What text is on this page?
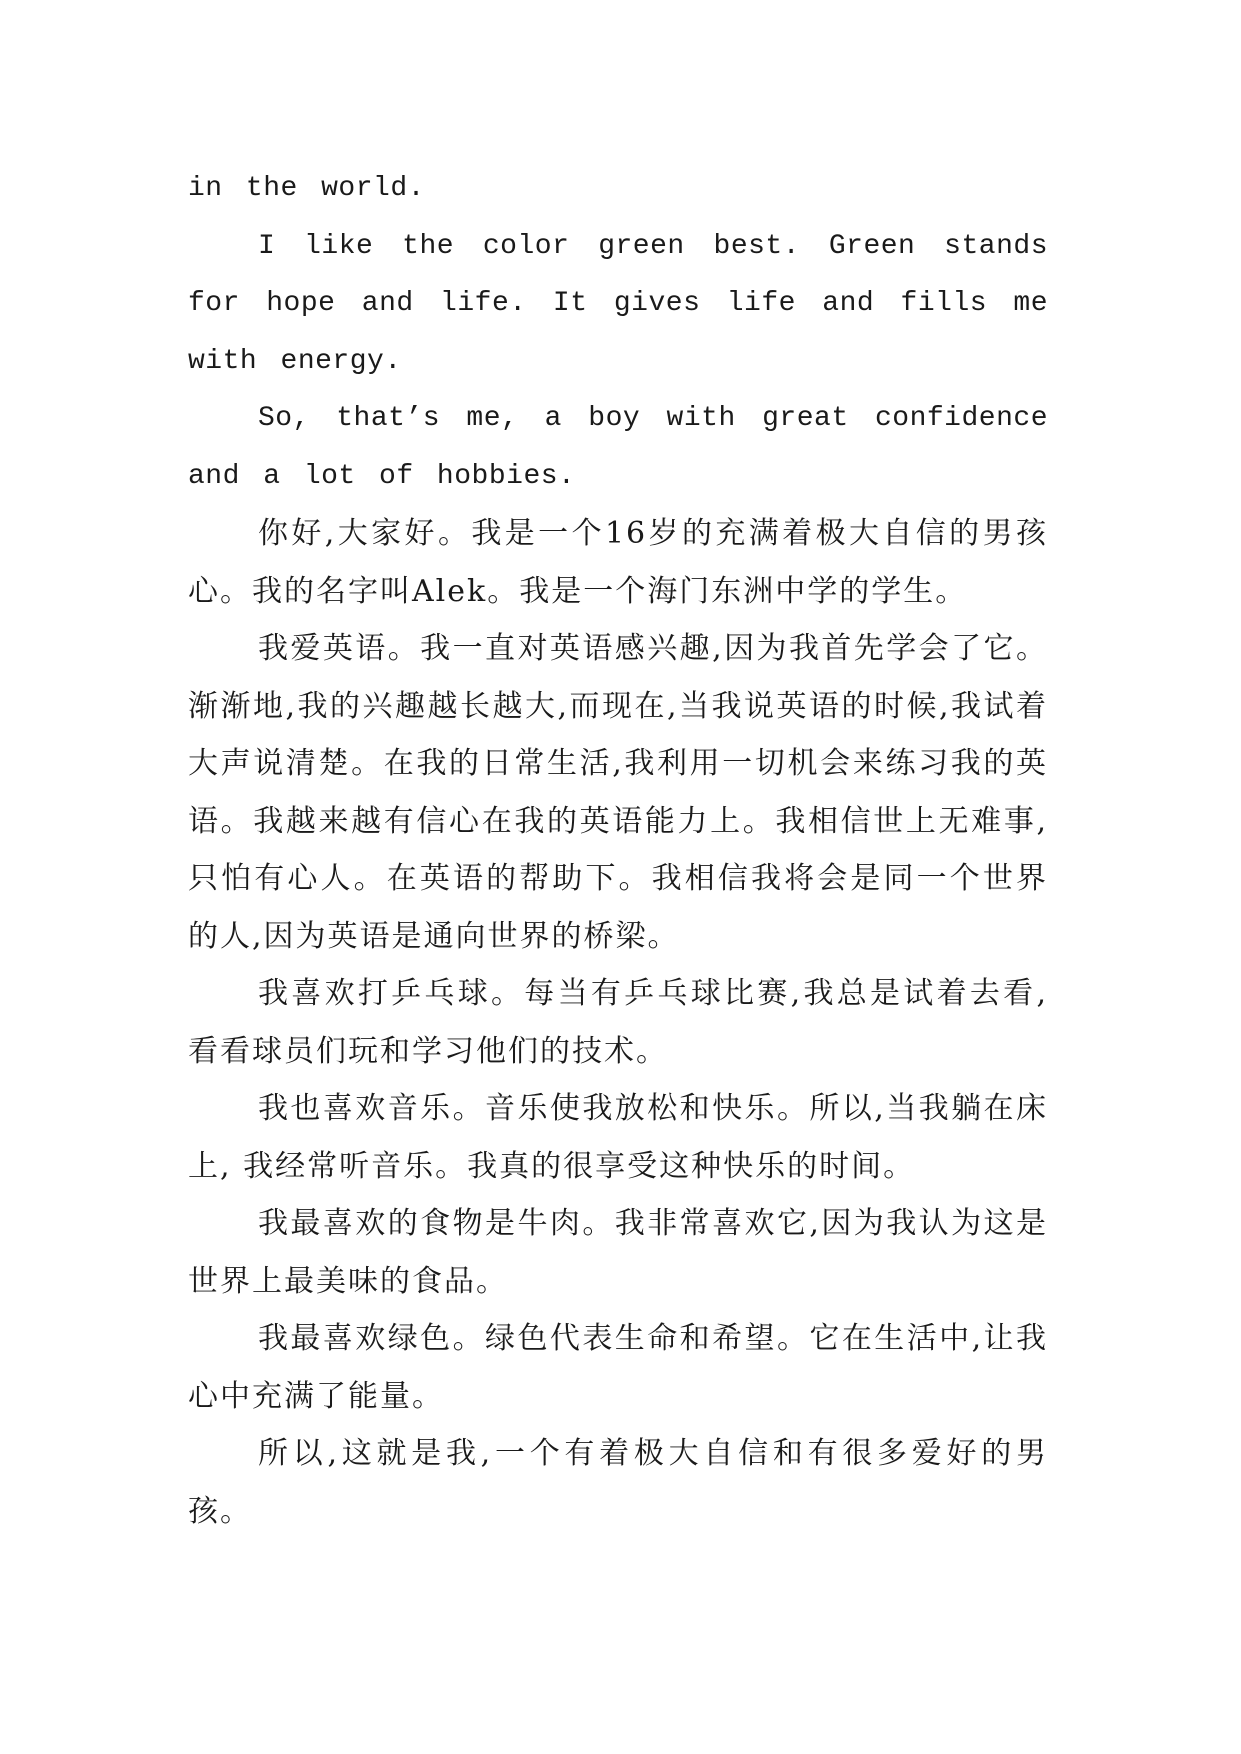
in the world.

I like the color green best. Green stands for hope and life. It gives life and fills me with energy.

So, that’s me, a boy with great confidence and a lot of hobbies.

你好,大家好。我是一个16岁的充满着极大自信的男孩心。我的名字叫Alek。我是一个海门东洲中学的学生。

我爱英语。我一直对英语感兴趣,因为我首先学会了它。渐渐地,我的兴趣越长越大,而现在,当我说英语的时候,我试着大声说清楚。在我的日常生活,我利用一切机会来练习我的英语。我越来越有信心在我的英语能力上。我相信世上无难事,只怕有心人。在英语的帮助下。我相信我将会是同一个世界的人,因为英语是通向世界的桥梁。

我喜欢打乒乓球。每当有乒乓球比赛,我总是试着去看,看看球员们玩和学习他们的技术。

我也喜欢音乐。音乐使我放松和快乐。所以,当我躺在床上, 我经常听音乐。我真的很享受这种快乐的时间。

我最喜欢的食物是牛肉。我非常喜欢它,因为我认为这是世界上最美味的食品。

我最喜欢绿色。绿色代表生命和希望。它在生活中,让我心中充满了能量。

所以,这就是我,一个有着极大自信和有很多爱好的男孩。
